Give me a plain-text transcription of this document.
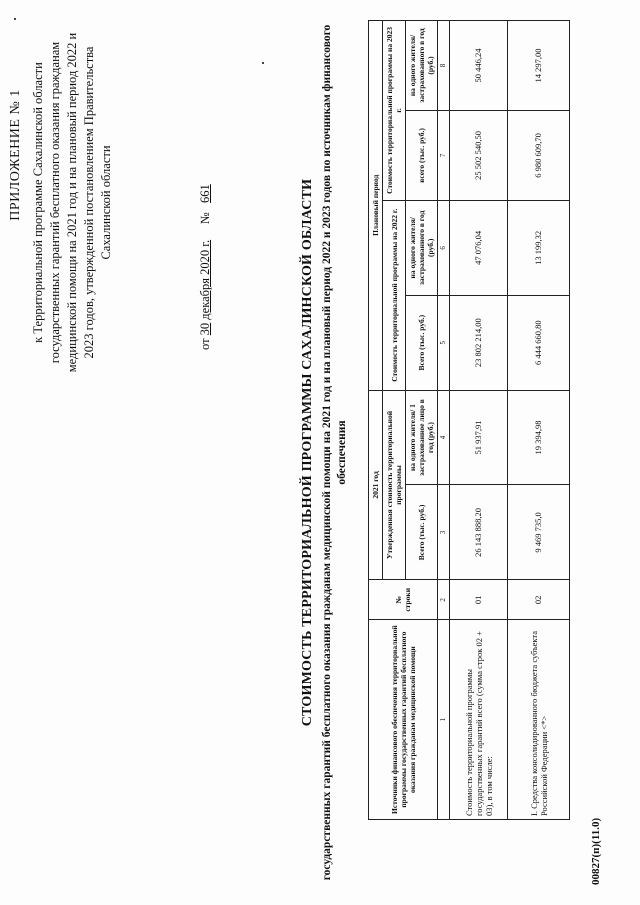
ПРИЛОЖЕНИЕ № 1 к Территориальной программе Сахалинской области государственных гарантий бесплатного оказания гражданам медицинской помощи на 2021 год и на плановый период 2022 и 2023 годов, утвержденной постановлением Правительства Сахалинской области
от 30 декабря 2020 г.     №   661	СТОИМОСТЬ ТЕРРИТОРИАЛЬНОЙ ПРОГРАММЫ САХАЛИНСКОЙ ОБЛАСТИ государственных гарантий бесплатного оказания гражданам медицинской помощи на 2021 год и на плановый период 2022 и 2023 годов по источникам финансового обеспечения
Источники финансового обеспечения территориальной программы государственных гарантий бесплатного оказания гражданам медицинской помощи	№ строки	2021 год		Плановый период			
		Утвержденная стоимость территориальной программы		Стоимость территориальной программы на 2022 г.		Стоимость территориальной программы на 2023 г.	
		Всего (тыс. руб.)	на одного жителя/ 1 застрахованное лицо в год (руб.)	Всего (тыс. руб.)	на одного жителя/ застрахованного в год (руб.)	всего (тыс. руб.)	на одного жителя/ застрахованного в год (руб.)
1	2	3	4	5	6	7	8
Стоимость территориальной программы государственных гарантий всего (сумма строк 02 + 03), в том числе:	01	26 143 888,20	51 937,91	23 802 214,00	47 076,04	25 502 540,50	50 446,24
I. Средства консолидированного бюджета субъекта Российской Федерации <*>	02	9 469 735,0	19 394,98	6 444 660,80	13 199,32	6 980 609,70	14 297,00
00827(п)(11.0)
